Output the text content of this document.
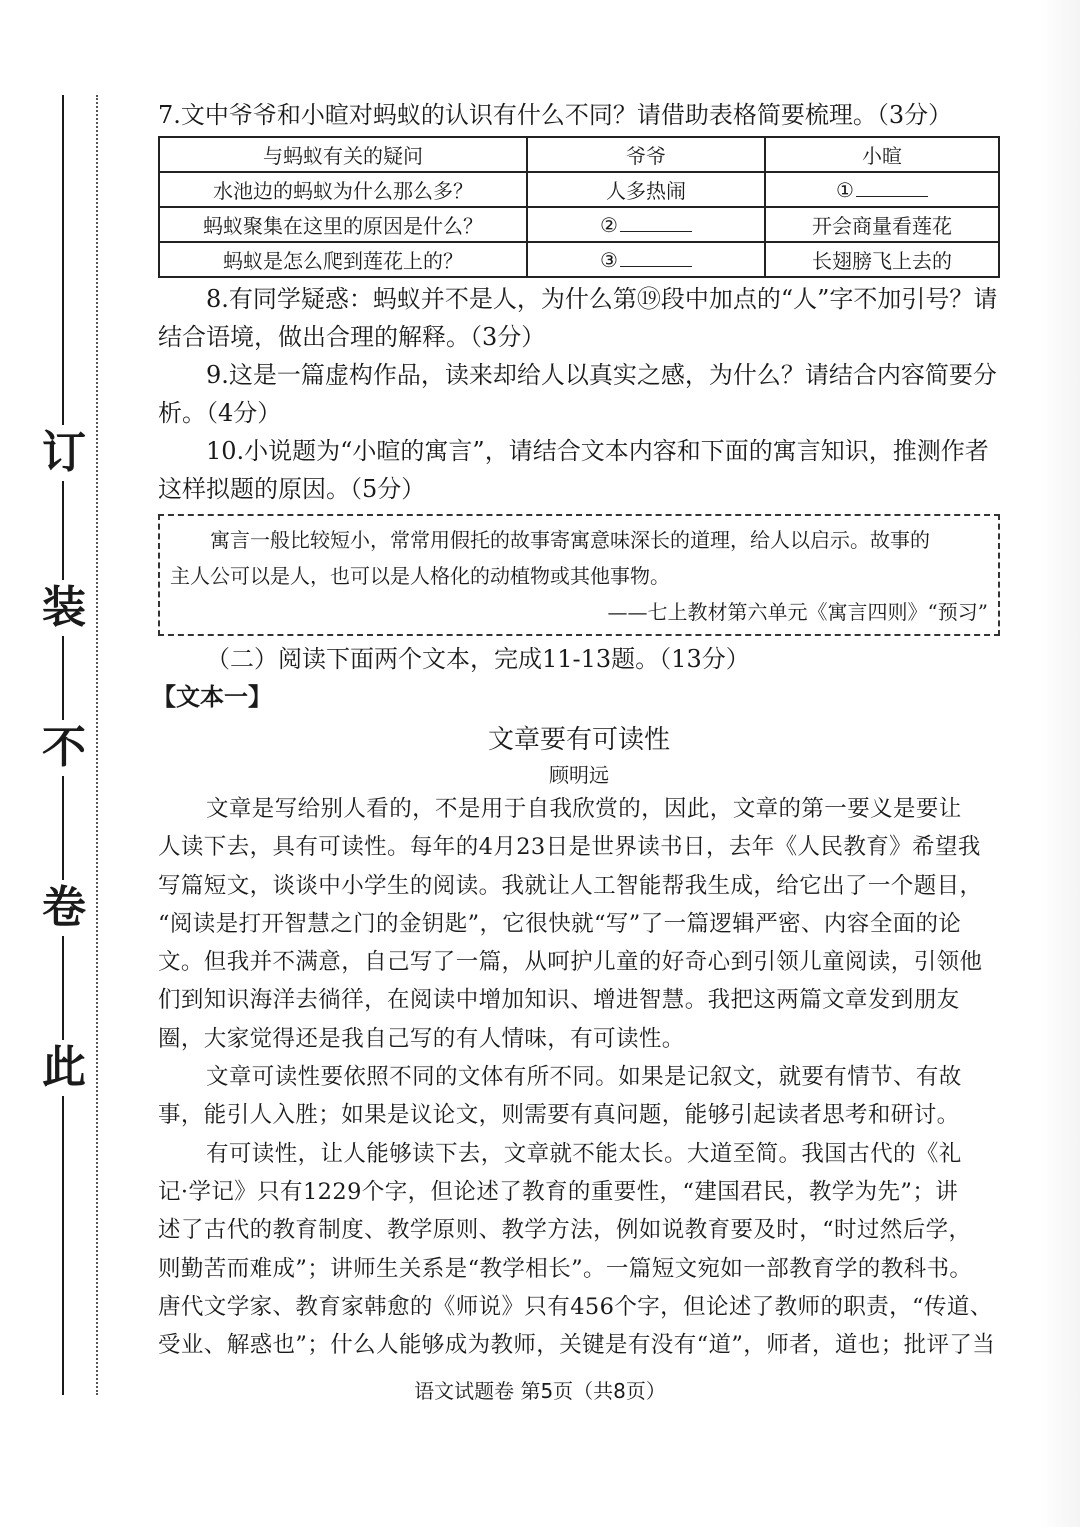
此
卷
不
装
订
7.文中爷爷和小暄对蚂蚁的认识有什么不同？请借助表格简要梳理。（3分）
与蚂蚁有关的疑问	爷爷	小暄
水池边的蚂蚁为什么那么多？	人多热闹	①
蚂蚁聚集在这里的原因是什么？	②	开会商量看莲花
蚂蚁是怎么爬到莲花上的？	③	长翅膀飞上去的
8.有同学疑惑：蚂蚁并不是人，为什么第⑲段中加点的“人”字不加引号？请
结合语境，做出合理的解释。（3分）
9.这是一篇虚构作品，读来却给人以真实之感，为什么？请结合内容简要分
析。（4分）
10.小说题为“小暄的寓言”，请结合文本内容和下面的寓言知识，推测作者
这样拟题的原因。（5分）
寓言一般比较短小，常常用假托的故事寄寓意味深长的道理，给人以启示。故事的
主人公可以是人，也可以是人格化的动植物或其他事物。
——七上教材第六单元《寓言四则》“预习”
（二）阅读下面两个文本，完成11-13题。（13分）
【文本一】
文章要有可读性
顾明远
文章是写给别人看的，不是用于自我欣赏的，因此，文章的第一要义是要让
人读下去，具有可读性。每年的4月23日是世界读书日，去年《人民教育》希望我
写篇短文，谈谈中小学生的阅读。我就让人工智能帮我生成，给它出了一个题目，
“阅读是打开智慧之门的金钥匙”，它很快就“写”了一篇逻辑严密、内容全面的论
文。但我并不满意，自己写了一篇，从呵护儿童的好奇心到引领儿童阅读，引领他
们到知识海洋去徜徉，在阅读中增加知识、增进智慧。我把这两篇文章发到朋友
圈，大家觉得还是我自己写的有人情味，有可读性。
文章可读性要依照不同的文体有所不同。如果是记叙文，就要有情节、有故
事，能引人入胜；如果是议论文，则需要有真问题，能够引起读者思考和研讨。
有可读性，让人能够读下去，文章就不能太长。大道至简。我国古代的《礼
记·学记》只有1229个字，但论述了教育的重要性，“建国君民，教学为先”；讲
述了古代的教育制度、教学原则、教学方法，例如说教育要及时，“时过然后学，
则勤苦而难成”；讲师生关系是“教学相长”。一篇短文宛如一部教育学的教科书。
唐代文学家、教育家韩愈的《师说》只有456个字，但论述了教师的职责，“传道、
受业、解惑也”；什么人能够成为教师，关键是有没有“道”，师者，道也；批评了当
语文试题卷 第5页（共8页）
